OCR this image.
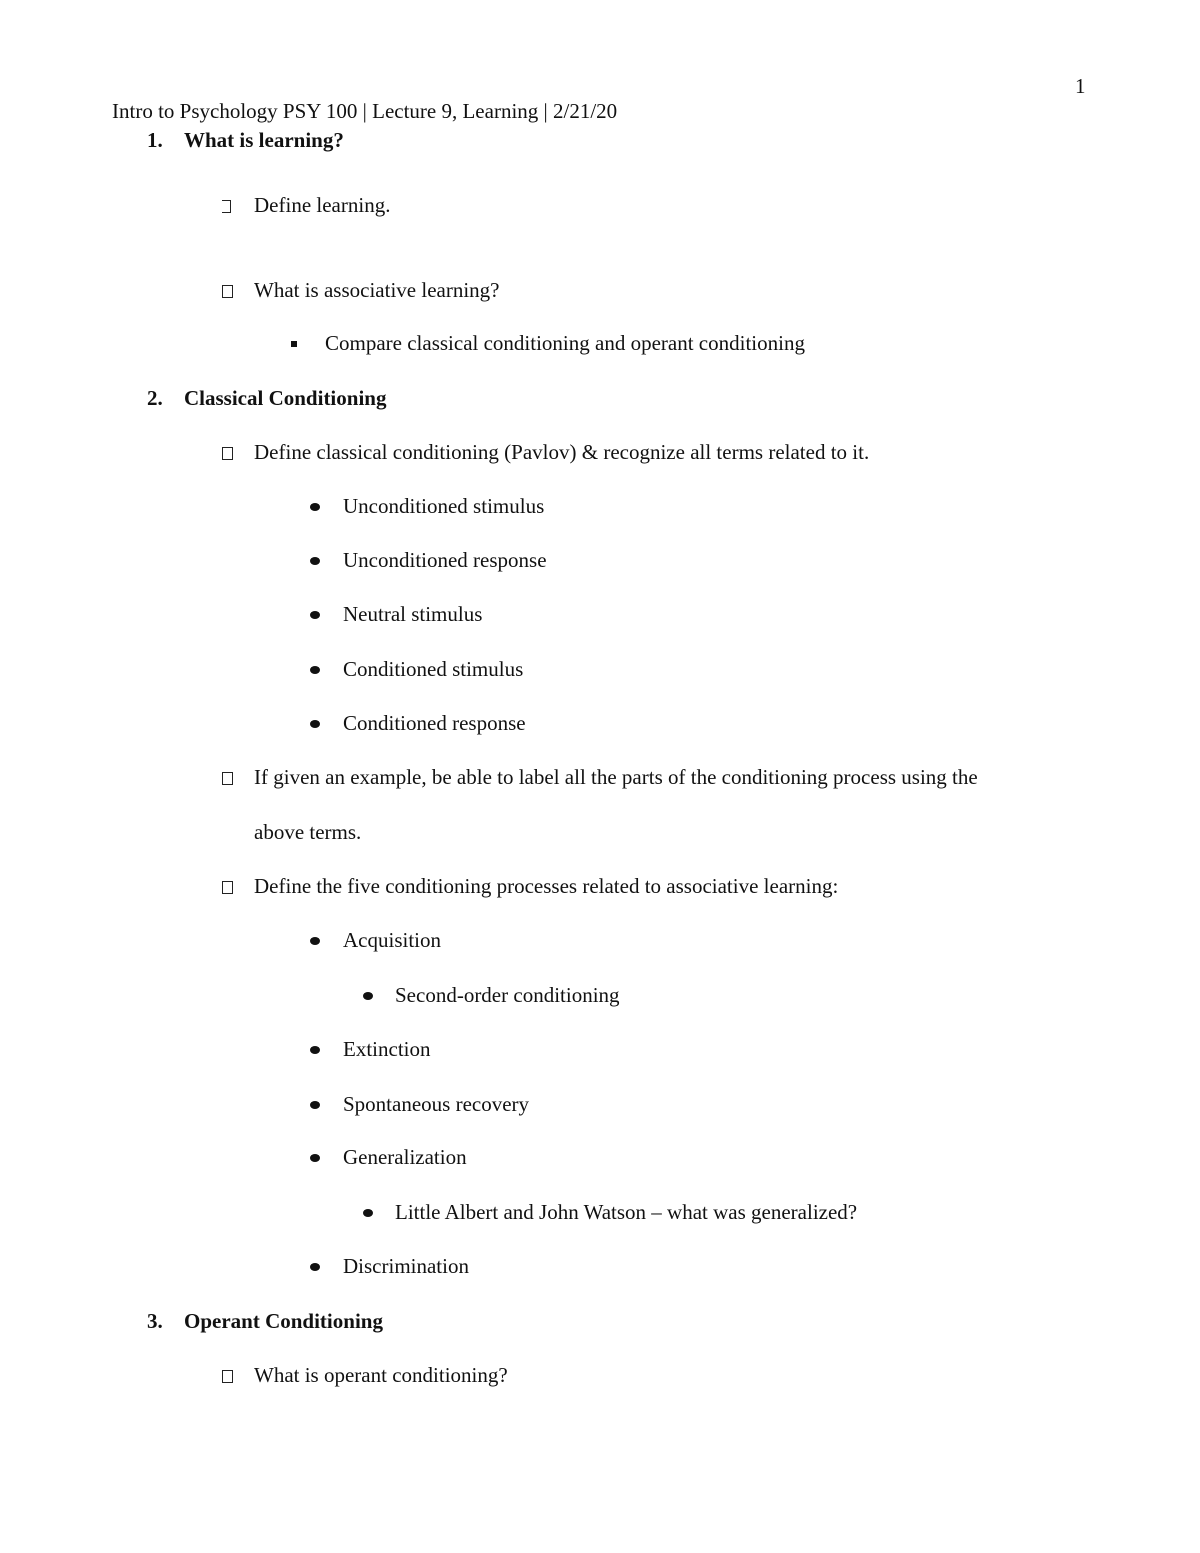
1
Intro to Psychology PSY 100 | Lecture 9, Learning | 2/21/20
1. What is learning?
Define learning.
What is associative learning?
Compare classical conditioning and operant conditioning
2. Classical Conditioning
Define classical conditioning (Pavlov) & recognize all terms related to it.
Unconditioned stimulus
Unconditioned response
Neutral stimulus
Conditioned stimulus
Conditioned response
If given an example, be able to label all the parts of the conditioning process using the
above terms.
Define the five conditioning processes related to associative learning:
Acquisition
Second-order conditioning
Extinction
Spontaneous recovery
Generalization
Little Albert and John Watson – what was generalized?
Discrimination
3. Operant Conditioning
What is operant conditioning?
